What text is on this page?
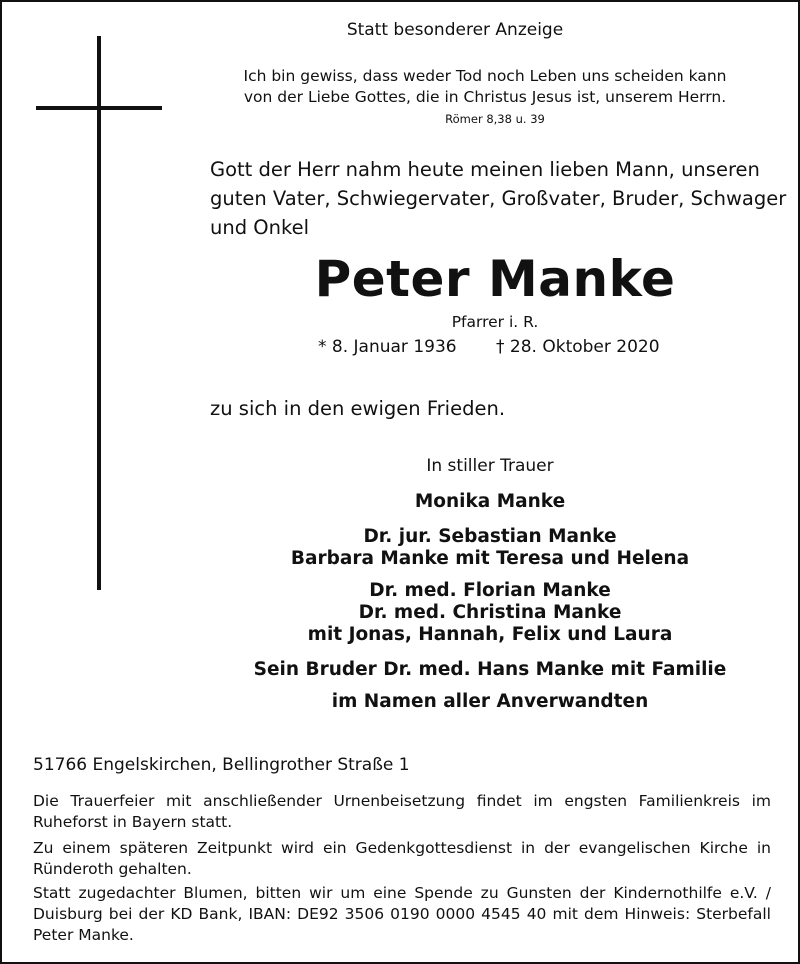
Statt besonderer Anzeige
Ich bin gewiss, dass weder Tod noch Leben uns scheiden kann
von der Liebe Gottes, die in Christus Jesus ist, unserem Herrn.
Römer 8,38 u. 39
Gott der Herr nahm heute meinen lieben Mann, unseren
guten Vater, Schwiegervater, Großvater, Bruder, Schwager
und Onkel
Peter Manke
Pfarrer i. R.
* 8. Januar 1936	† 28. Oktober 2020
zu sich in den ewigen Frieden.
In stiller Trauer
Monika Manke
Dr. jur. Sebastian Manke
Barbara Manke mit Teresa und Helena
Dr. med. Florian Manke
Dr. med. Christina Manke
mit Jonas, Hannah, Felix und Laura
Sein Bruder Dr. med. Hans Manke mit Familie
im Namen aller Anverwandten
51766 Engelskirchen, Bellingrother Straße 1
Die Trauerfeier mit anschließender Urnenbeisetzung findet im engsten Familienkreis im Ruheforst in Bayern statt.
Zu einem späteren Zeitpunkt wird ein Gedenkgottesdienst in der evangelischen Kirche in Ründeroth gehalten.
Statt zugedachter Blumen, bitten wir um eine Spende zu Gunsten der Kindernothilfe e.V. / Duisburg bei der KD Bank, IBAN: DE92 3506 0190 0000 4545 40 mit dem Hinweis: Sterbefall Peter Manke.
